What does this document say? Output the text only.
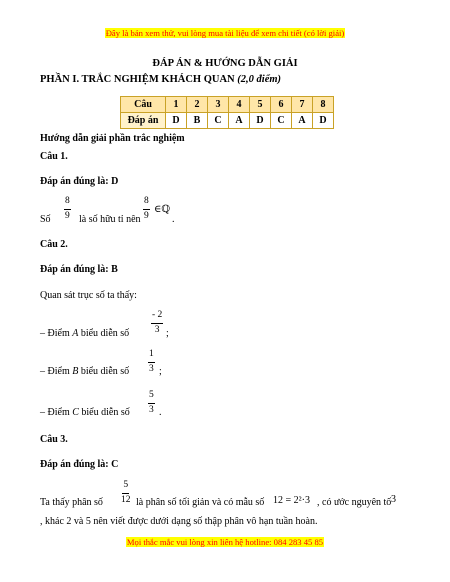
Đây là bản xem thử, vui lòng mua tài liệu để xem chi tiết (có lời giải)
ĐÁP ÁN & HƯỚNG DẪN GIẢI
PHẦN I. TRẮC NGHIỆM KHÁCH QUAN (2,0 điểm)
Câu	1	2	3	4	5	6	7	8
Đáp án	D	B	C	A	D	C	A	D
Hướng dẫn giải phần trắc nghiệm
Câu 1.
Đáp án đúng là: D
Số $\frac{8}{9}$ là số hữu tỉ nên $\frac{8}{9}$ ∈ℚ
.
Câu 2.
Đáp án đúng là: B
Quan sát trục số ta thấy:
– Điểm A biểu diễn số $\frac{- 2}{3}$ ;
– Điểm B biểu diễn số $\frac{1}{3}$ ;
– Điểm C biểu diễn số $\frac{5}{3}$ .
Câu 3.
Đáp án đúng là: C
Ta thấy phân số $\frac{5}{12}$ là phân số tối giản và có mẫu số 12 = 2²·3 , có ước nguyên tố 3
, khác 2 và 5 nên viết được dưới dạng số thập phân vô hạn tuần hoàn.
Mọi thắc mắc vui lòng xin liên hệ hotline: 084 283 45 85
